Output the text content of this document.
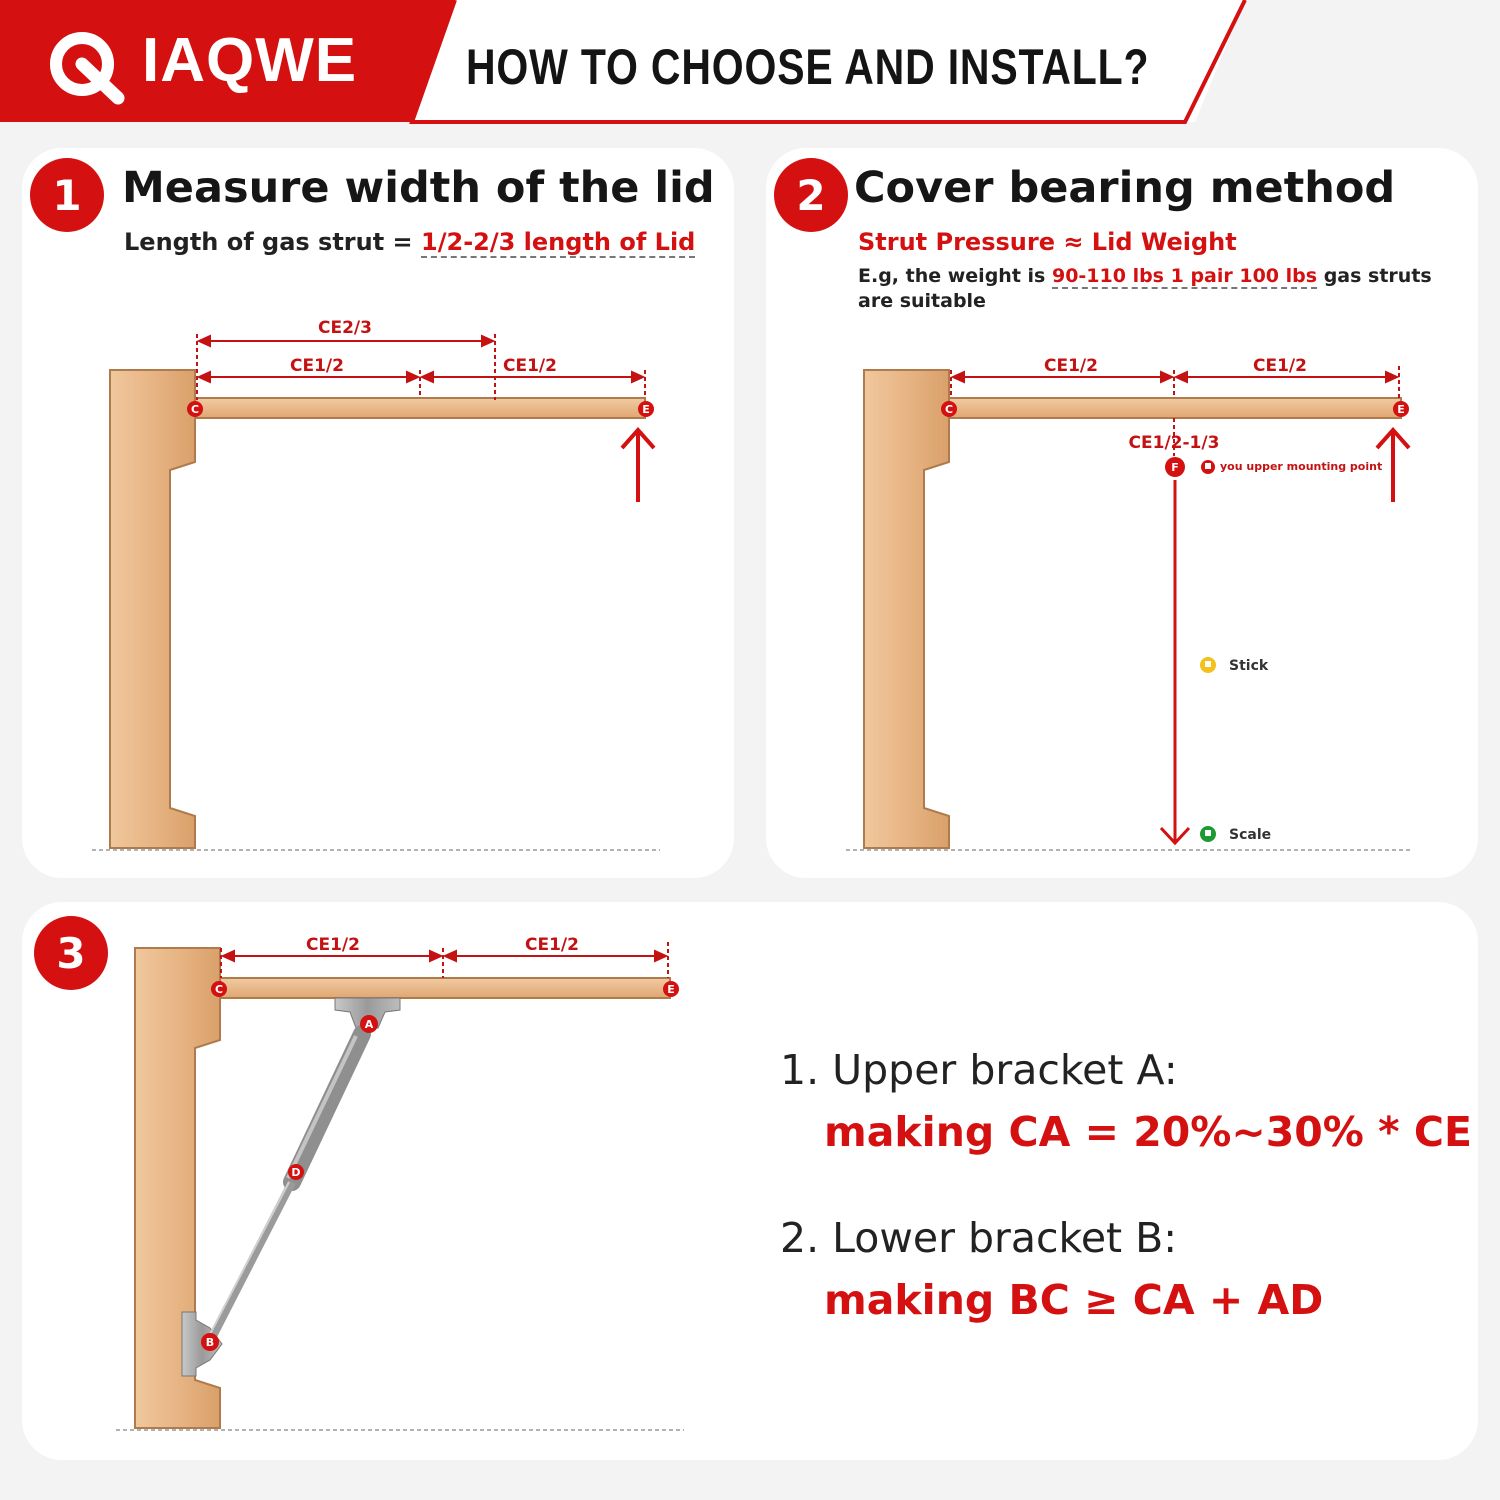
IAQWE HOW TO CHOOSE AND INSTALL?
1 Measure width of the lid
Length of gas strut = 1/2-2/3 length of Lid
CE2/3
CE1/2	CE1/2
C	E
2 Cover bearing method
Strut Pressure ≈ Lid Weight
E.g, the weight is 90-110 lbs 1 pair 100 lbs gas struts
are suitable
CE1/2	CE1/2
CE1/2-1/3
C	E
F	you upper mounting point
Stick
Scale
3	CE1/2	CE1/2
C	E
A
D
B
1. Upper bracket A:
making CA = 20%~30% * CE
2. Lower bracket B:
making BC ≥ CA + AD
